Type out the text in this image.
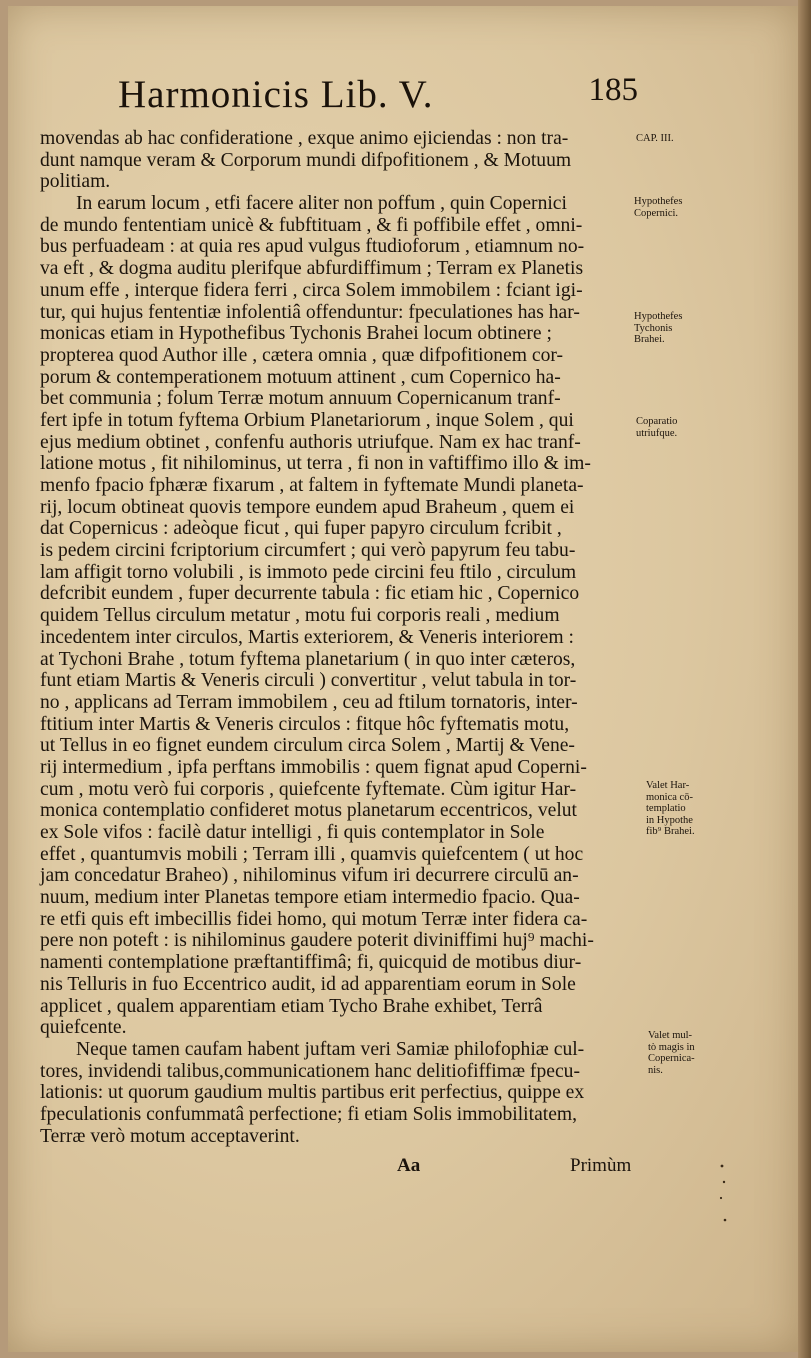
Harmonicis Lib. V.	185
movendas ab hac confideratione , exque animo ejiciendas : non tra-
dunt namque veram & Corporum mundi difpofitionem , & Motuum
politiam.
In earum locum , etfi facere aliter non poffum , quin Copernici
de mundo fententiam unicè & fubftituam , & fi poffibile effet , omni-
bus perfuadeam : at quia res apud vulgus ftudioforum , etiamnum no-
va eft , & dogma auditu plerifque abfurdiffimum ; Terram ex Planetis
unum effe , interque fidera ferri , circa Solem immobilem : fciant igi-
tur, qui hujus fententiæ infolentiâ offenduntur: fpeculationes has har-
monicas etiam in Hypothefibus Tychonis Brahei locum obtinere ;
propterea quod Author ille , cætera omnia , quæ difpofitionem cor-
porum & contemperationem motuum attinent , cum Copernico ha-
bet communia ; folum Terræ motum annuum Copernicanum tranf-
fert ipfe in totum fyftema Orbium Planetariorum , inque Solem , qui
ejus medium obtinet , confenfu authoris utriufque. Nam ex hac tranf-
latione motus , fit nihilominus, ut terra , fi non in vaftiffimo illo & im-
menfo fpacio fphæræ fixarum , at faltem in fyftemate Mundi planeta-
rij, locum obtineat quovis tempore eundem apud Braheum , quem ei
dat Copernicus : adeòque ficut , qui fuper papyro circulum fcribit ,
is pedem circini fcriptorium circumfert ; qui verò papyrum feu tabu-
lam affigit torno volubili , is immoto pede circini feu ftilo , circulum
defcribit eundem , fuper decurrente tabula : fic etiam hic , Copernico
quidem Tellus circulum metatur , motu fui corporis reali , medium
incedentem inter circulos, Martis exteriorem, & Veneris interiorem :
at Tychoni Brahe , totum fyftema planetarium ( in quo inter cæteros,
funt etiam Martis & Veneris circuli ) convertitur , velut tabula in tor-
no , applicans ad Terram immobilem , ceu ad ftilum tornatoris, inter-
ftitium inter Martis & Veneris circulos : fitque hôc fyftematis motu,
ut Tellus in eo fignet eundem circulum circa Solem , Martij & Vene-
rij intermedium , ipfa perftans immobilis : quem fignat apud Coperni-
cum , motu verò fui corporis , quiefcente fyftemate. Cùm igitur Har-
monica contemplatio confideret motus planetarum eccentricos, velut
ex Sole vifos : facilè datur intelligi , fi quis contemplator in Sole
effet , quantumvis mobili ; Terram illi , quamvis quiefcentem ( ut hoc
jam concedatur Braheo) , nihilominus vifum iri decurrere circulū an-
nuum, medium inter Planetas tempore etiam intermedio fpacio. Qua-
re etfi quis eft imbecillis fidei homo, qui motum Terræ inter fidera ca-
pere non poteft : is nihilominus gaudere poterit diviniffimi huj⁹ machi-
namenti contemplatione præftantiffimâ; fi, quicquid de motibus diur-
nis Telluris in fuo Eccentrico audit, id ad apparentiam eorum in Sole
applicet , qualem apparentiam etiam Tycho Brahe exhibet, Terrâ
quiefcente.
Neque tamen caufam habent juftam veri Samiæ philofophiæ cul-
tores, invidendi talibus,communicationem hanc delitiofiffimæ fpecu-
lationis: ut quorum gaudium multis partibus erit perfectius, quippe ex
fpeculationis confummatâ perfectione; fi etiam Solis immobilitatem,
Terræ verò motum acceptaverint.
CAP. III.
Hypothefes
Copernici.
Hypothefes
Tychonis
Brahei.
Coparatio
utriufque.
Valet Har-
monica cō-
templatio
in Hypothe
fib⁹ Brahei.
Valet mul-
tò magis in
Copernica-
nis.
Aa	Primùm
